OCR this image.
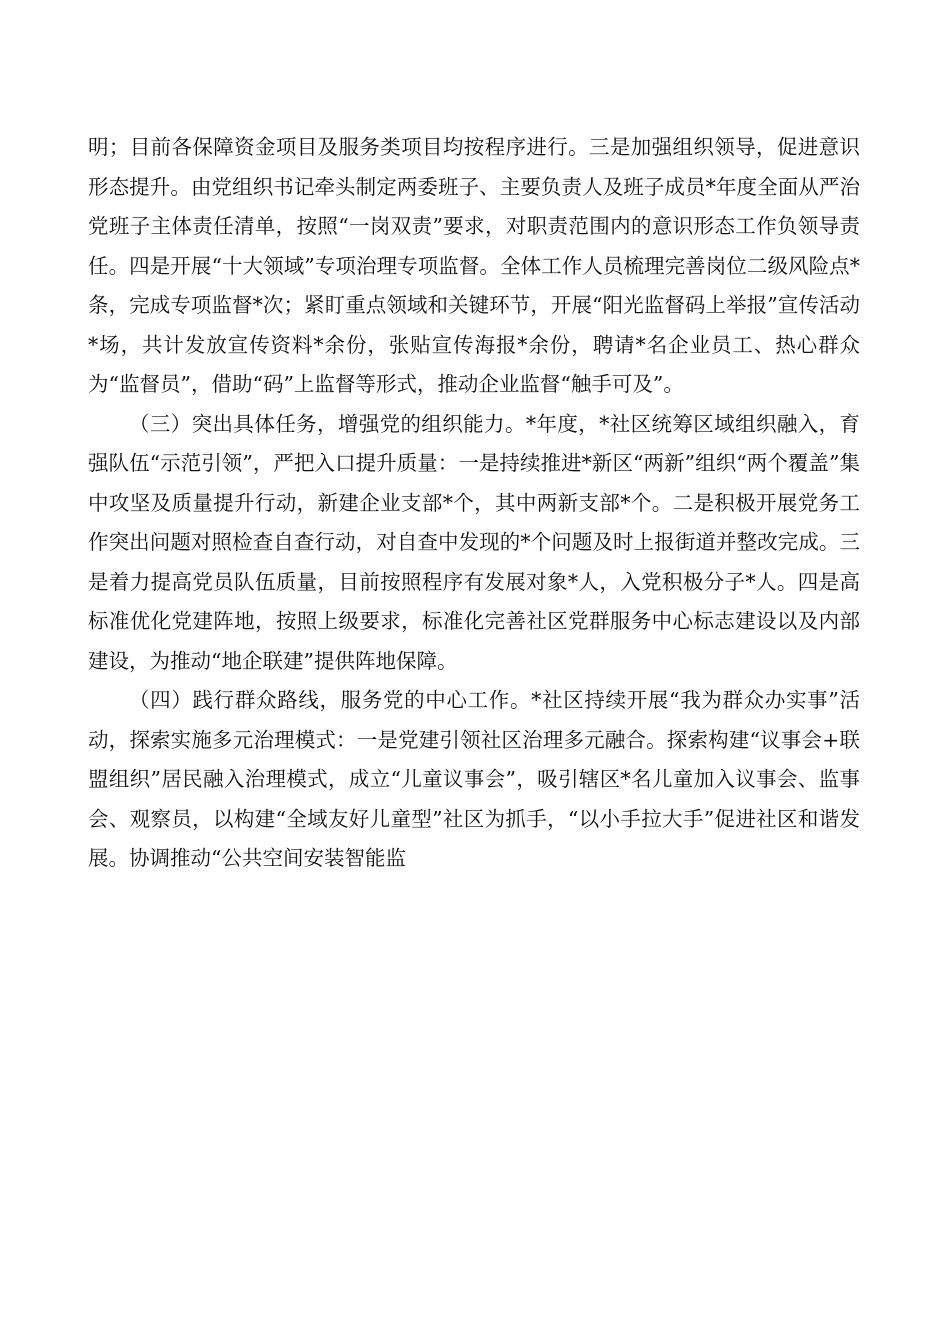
明；目前各保障资金项目及服务类项目均按程序进行。三是加强组织领导，促进意识形态提升。由党组织书记牵头制定两委班子、主要负责人及班子成员*年度全面从严治党班子主体责任清单，按照“一岗双责”要求，对职责范围内的意识形态工作负领导责任。四是开展“十大领域”专项治理专项监督。全体工作人员梳理完善岗位二级风险点*条，完成专项监督*次；紧盯重点领域和关键环节，开展“阳光监督码上举报”宣传活动*场，共计发放宣传资料*余份，张贴宣传海报*余份，聘请*名企业员工、热心群众为“监督员”，借助“码”上监督等形式，推动企业监督“触手可及”。

（三）突出具体任务，增强党的组织能力。*年度，*社区统筹区域组织融入，育强队伍“示范引领”，严把入口提升质量：一是持续推进*新区“两新”组织“两个覆盖”集中攻坚及质量提升行动，新建企业支部*个，其中两新支部*个。二是积极开展党务工作突出问题对照检查自查行动，对自查中发现的*个问题及时上报街道并整改完成。三是着力提高党员队伍质量，目前按照程序有发展对象*人，入党积极分子*人。四是高标准优化党建阵地，按照上级要求，标准化完善社区党群服务中心标志建设以及内部建设，为推动“地企联建”提供阵地保障。

（四）践行群众路线，服务党的中心工作。*社区持续开展“我为群众办实事”活动，探索实施多元治理模式：一是党建引领社区治理多元融合。探索构建“议事会+联盟组织”居民融入治理模式，成立“儿童议事会”，吸引辖区*名儿童加入议事会、监事会、观察员，以构建“全域友好儿童型”社区为抓手，“以小手拉大手”促进社区和谐发展。协调推动“公共空间安装智能监
